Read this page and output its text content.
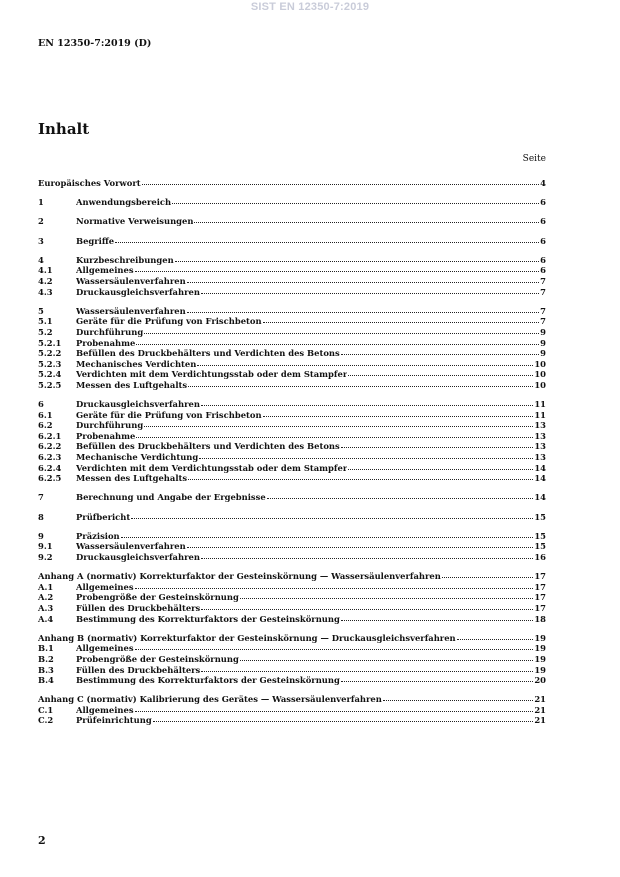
SIST EN 12350-7:2019
EN 12350-7:2019 (D)
Inhalt
Seite
Europäisches Vorwort	4
1	Anwendungsbereich	6
2	Normative Verweisungen	6
3	Begriffe	6
4	Kurzbeschreibungen	6
4.1	Allgemeines	6
4.2	Wassersäulenverfahren	7
4.3	Druckausgleichsverfahren	7
5	Wassersäulenverfahren	7
5.1	Geräte für die Prüfung von Frischbeton	7
5.2	Durchführung	9
5.2.1	Probenahme	9
5.2.2	Befüllen des Druckbehälters und Verdichten des Betons	9
5.2.3	Mechanisches Verdichten	10
5.2.4	Verdichten mit dem Verdichtungsstab oder dem Stampfer	10
5.2.5	Messen des Luftgehalts	10
6	Druckausgleichsverfahren	11
6.1	Geräte für die Prüfung von Frischbeton	11
6.2	Durchführung	13
6.2.1	Probenahme	13
6.2.2	Befüllen des Druckbehälters und Verdichten des Betons	13
6.2.3	Mechanische Verdichtung	13
6.2.4	Verdichten mit dem Verdichtungsstab oder dem Stampfer	14
6.2.5	Messen des Luftgehalts	14
7	Berechnung und Angabe der Ergebnisse	14
8	Prüfbericht	15
9	Präzision	15
9.1	Wassersäulenverfahren	15
9.2	Druckausgleichsverfahren	16
Anhang A (normativ) Korrekturfaktor der Gesteinskörnung — Wassersäulenverfahren	17
A.1	Allgemeines	17
A.2	Probengröße der Gesteinskörnung	17
A.3	Füllen des Druckbehälters	17
A.4	Bestimmung des Korrekturfaktors der Gesteinskörnung	18
Anhang B (normativ) Korrekturfaktor der Gesteinskörnung — Druckausgleichsverfahren	19
B.1	Allgemeines	19
B.2	Probengröße der Gesteinskörnung	19
B.3	Füllen des Druckbehälters	19
B.4	Bestimmung des Korrekturfaktors der Gesteinskörnung	20
Anhang C (normativ) Kalibrierung des Gerätes — Wassersäulenverfahren	21
C.1	Allgemeines	21
C.2	Prüfeinrichtung	21
2
